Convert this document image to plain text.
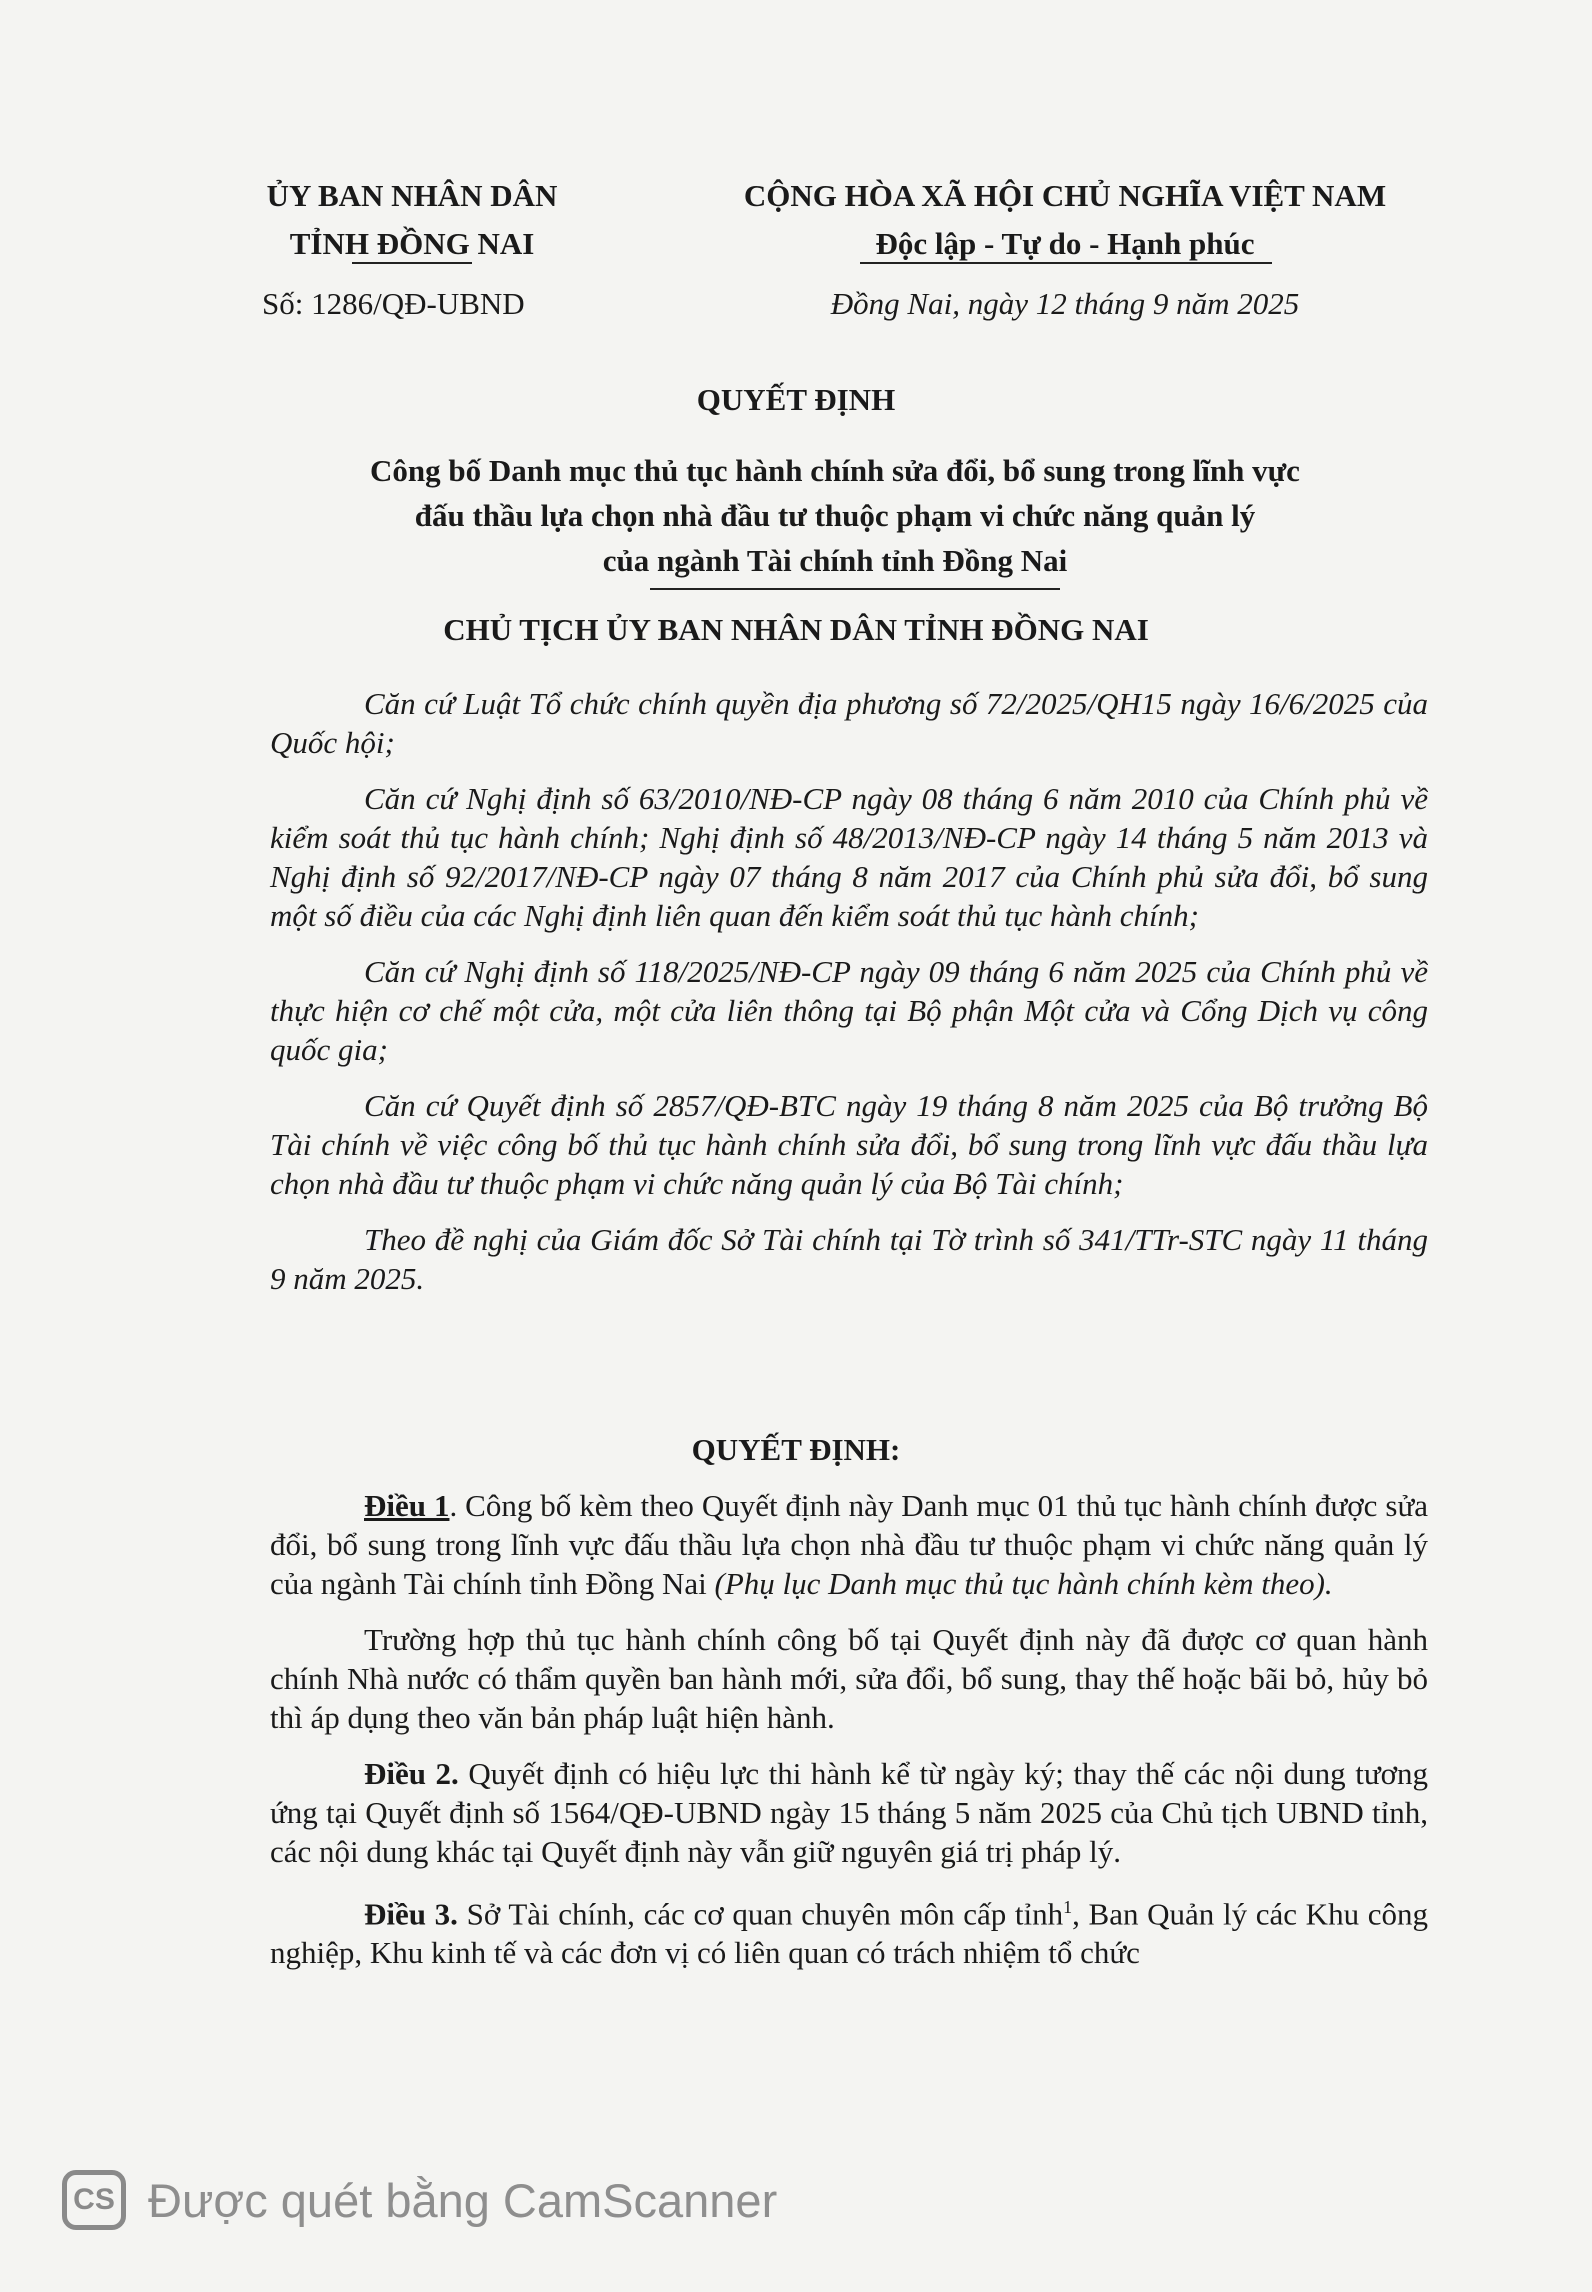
ỦY BAN NHÂN DÂN
TỈNH ĐỒNG NAI
CỘNG HÒA XÃ HỘI CHỦ NGHĨA VIỆT NAM
Độc lập - Tự do - Hạnh phúc
Số: 1286/QĐ-UBND	Đồng Nai, ngày 12 tháng 9 năm 2025
QUYẾT ĐỊNH
Công bố Danh mục thủ tục hành chính sửa đổi, bổ sung trong lĩnh vực
đấu thầu lựa chọn nhà đầu tư thuộc phạm vi chức năng quản lý
của ngành Tài chính tỉnh Đồng Nai
CHỦ TỊCH ỦY BAN NHÂN DÂN TỈNH ĐỒNG NAI

Căn cứ Luật Tổ chức chính quyền địa phương số 72/2025/QH15 ngày 16/6/2025 của Quốc hội;

Căn cứ Nghị định số 63/2010/NĐ-CP ngày 08 tháng 6 năm 2010 của Chính phủ về kiểm soát thủ tục hành chính; Nghị định số 48/2013/NĐ-CP ngày 14 tháng 5 năm 2013 và Nghị định số 92/2017/NĐ-CP ngày 07 tháng 8 năm 2017 của Chính phủ sửa đổi, bổ sung một số điều của các Nghị định liên quan đến kiểm soát thủ tục hành chính;

Căn cứ Nghị định số 118/2025/NĐ-CP ngày 09 tháng 6 năm 2025 của Chính phủ về thực hiện cơ chế một cửa, một cửa liên thông tại Bộ phận Một cửa và Cổng Dịch vụ công quốc gia;

Căn cứ Quyết định số 2857/QĐ-BTC ngày 19 tháng 8 năm 2025 của Bộ trưởng Bộ Tài chính về việc công bố thủ tục hành chính sửa đổi, bổ sung trong lĩnh vực đấu thầu lựa chọn nhà đầu tư thuộc phạm vi chức năng quản lý của Bộ Tài chính;

Theo đề nghị của Giám đốc Sở Tài chính tại Tờ trình số 341/TTr-STC ngày 11 tháng 9 năm 2025.

QUYẾT ĐỊNH:

Điều 1. Công bố kèm theo Quyết định này Danh mục 01 thủ tục hành chính được sửa đổi, bổ sung trong lĩnh vực đấu thầu lựa chọn nhà đầu tư thuộc phạm vi chức năng quản lý của ngành Tài chính tỉnh Đồng Nai (Phụ lục Danh mục thủ tục hành chính kèm theo).

Trường hợp thủ tục hành chính công bố tại Quyết định này đã được cơ quan hành chính Nhà nước có thẩm quyền ban hành mới, sửa đổi, bổ sung, thay thế hoặc bãi bỏ, hủy bỏ thì áp dụng theo văn bản pháp luật hiện hành.

Điều 2. Quyết định có hiệu lực thi hành kể từ ngày ký; thay thế các nội dung tương ứng tại Quyết định số 1564/QĐ-UBND ngày 15 tháng 5 năm 2025 của Chủ tịch UBND tỉnh, các nội dung khác tại Quyết định này vẫn giữ nguyên giá trị pháp lý.

Điều 3. Sở Tài chính, các cơ quan chuyên môn cấp tỉnh$^1$, Ban Quản lý các Khu công nghiệp, Khu kinh tế và các đơn vị có liên quan có trách nhiệm tổ chức

CS Được quét bằng CamScanner
